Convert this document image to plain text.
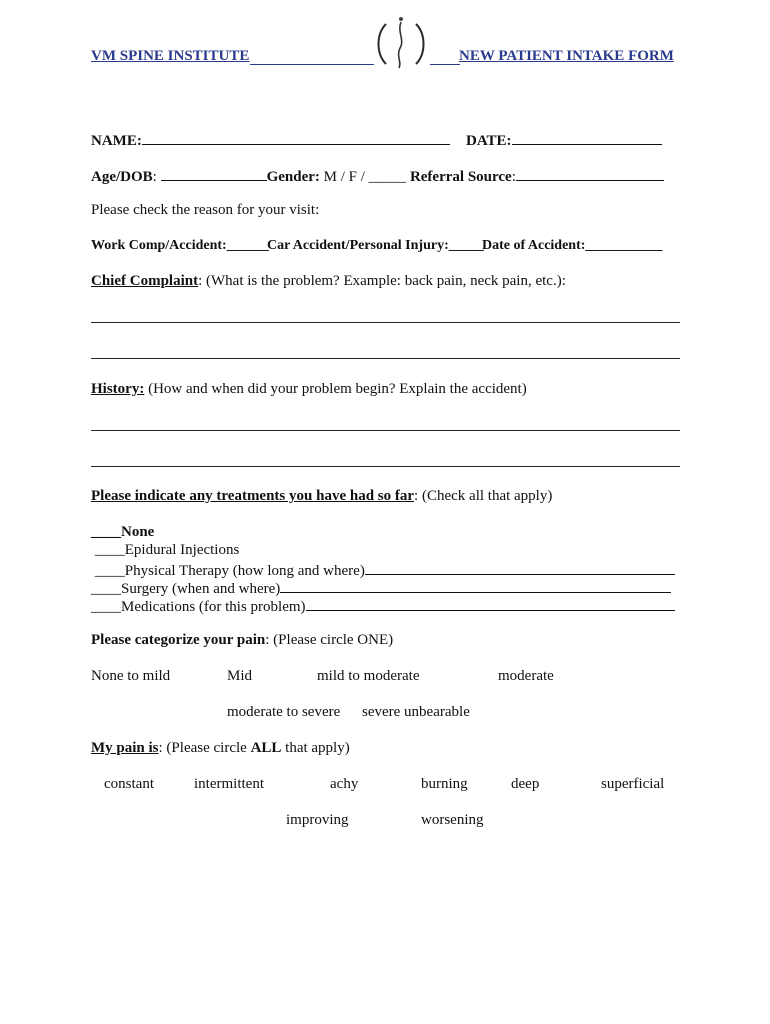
VM SPINE INSTITUTE	NEW PATIENT INTAKE FORM
NAME:	DATE:
Age/DOB:	Gender: M / F / _____ Referral Source:
Please check the reason for your visit:
Work Comp/Accident:______
Car Accident/Personal Injury:_____
Date of Accident:___________
Chief Complaint: (What is the problem? Example: back pain, neck pain, etc.):
History: (How and when did your problem begin? Explain the accident)
Please indicate any treatments you have had so far: (Check all that apply)
____None
____Epidural Injections
____Physical Therapy (how long and where)
____Surgery (when and where)
____Medications (for this problem)
Please categorize your pain: (Please circle ONE)
None to mild	Mid	mild to moderate	moderate
moderate to severe severe unbearable
My pain is: (Please circle ALL that apply)
constant	intermittent	achy	burning	deep	superficial
improving	worsening
